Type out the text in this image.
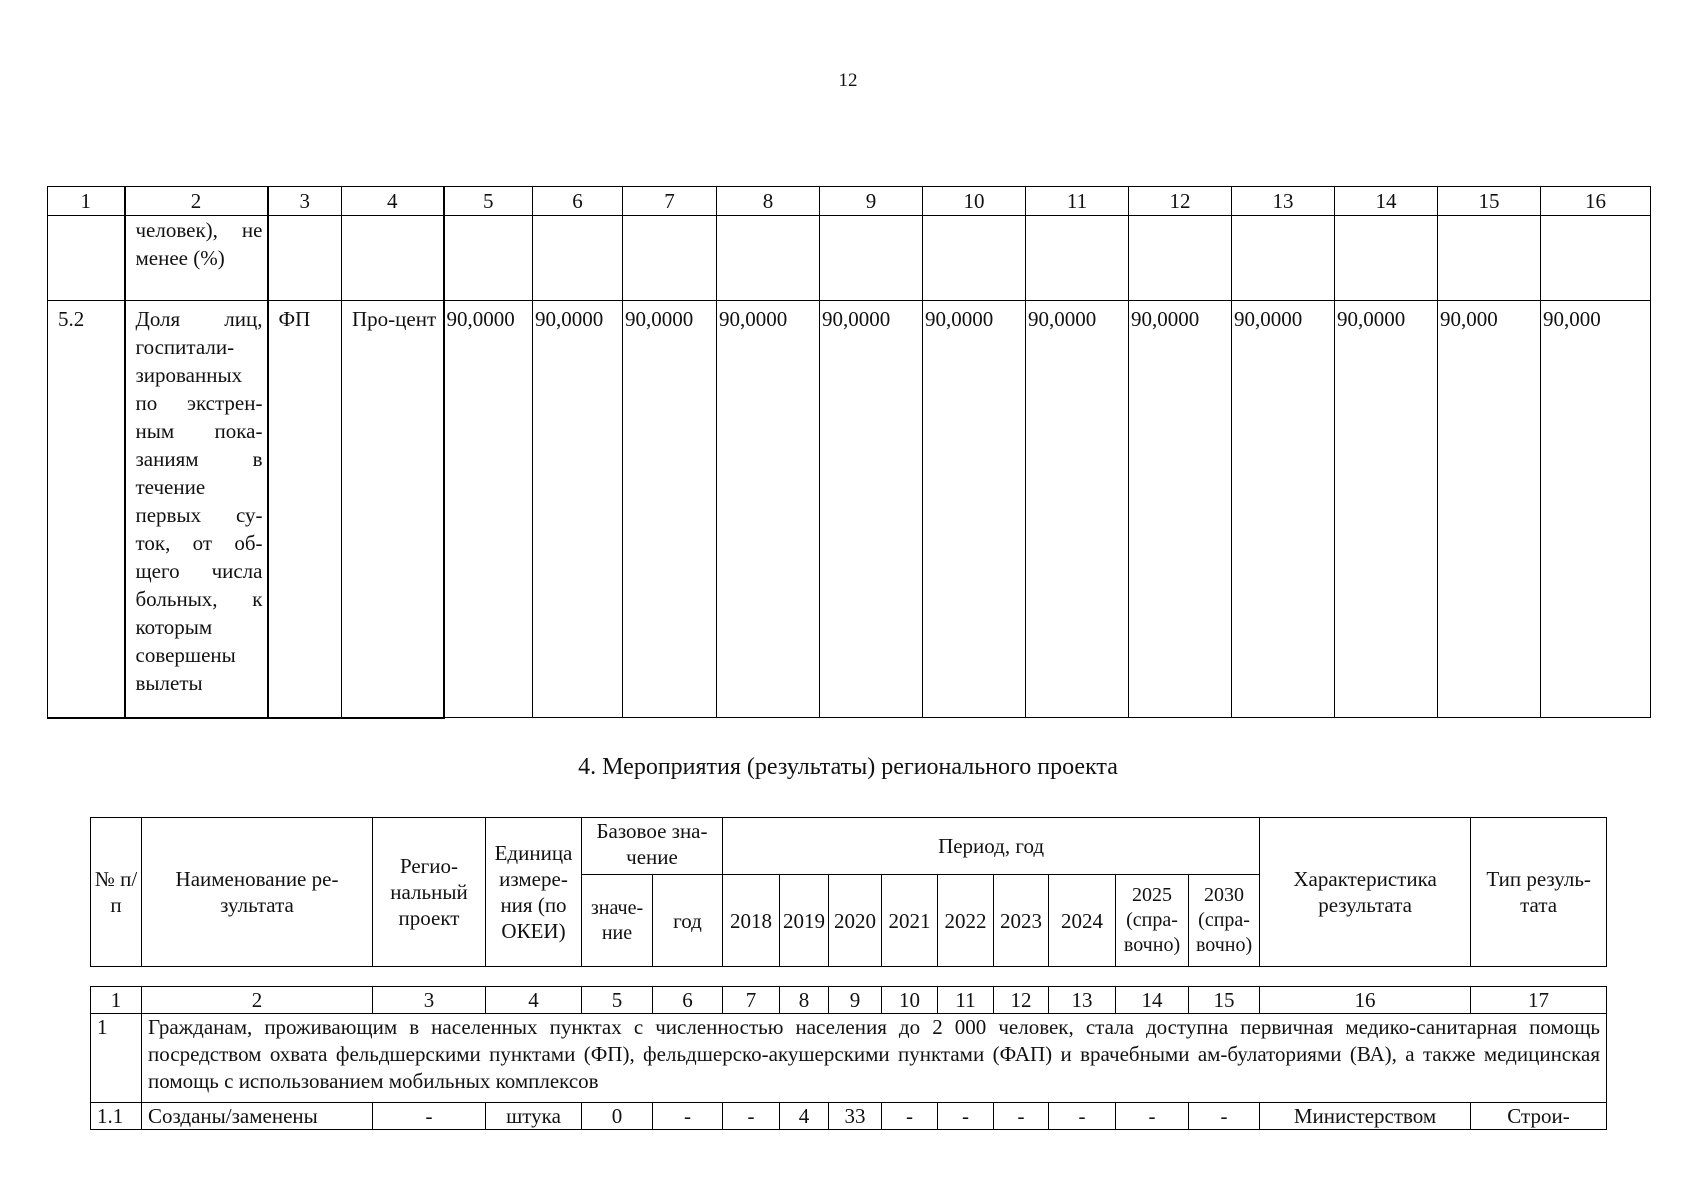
12
1	2	3	4	5	6	7	8	9	10	11	12	13	14	15	16
	человек), не менее (%)														
5.2	Доля лиц, госпитали-зированных по экстрен-ным пока-заниям в течение первых су-ток, от об-щего числа больных, к которым совершены вылеты	ФП	Про-цент	90,0000	90,0000	90,0000	90,0000	90,0000	90,0000	90,0000	90,0000	90,0000	90,0000	90,000	90,000
4. Мероприятия (результаты) регионального проекта
№ п/п	Наименование ре-зультата	Регио-нальный проект	Единица измере-ния (по ОКЕИ)	Базовое зна-чение		Период, год									Характеристика результата	Тип резуль-тата
				значе-ние	год	2018	2019	2020	2021	2022	2023	2024	2025 (спра-вочно)	2030 (спра-вочно)		
1	2	3	4	5	6	7	8	9	10	11	12	13	14	15	16	17
1	Гражданам, проживающим в населенных пунктах с численностью населения до 2 000 человек, стала доступна первичная медико-санитарная помощь посредством охвата фельдшерскими пунктами (ФП), фельдшерско-акушерскими пунктами (ФАП) и врачебными ам-булаториями (ВА), а также медицинская помощь с использованием мобильных комплексов															
1.1	Созданы/заменены	-	штука	0	-	-	4	33	-	-	-	-	-	-	Министерством	Строи-
